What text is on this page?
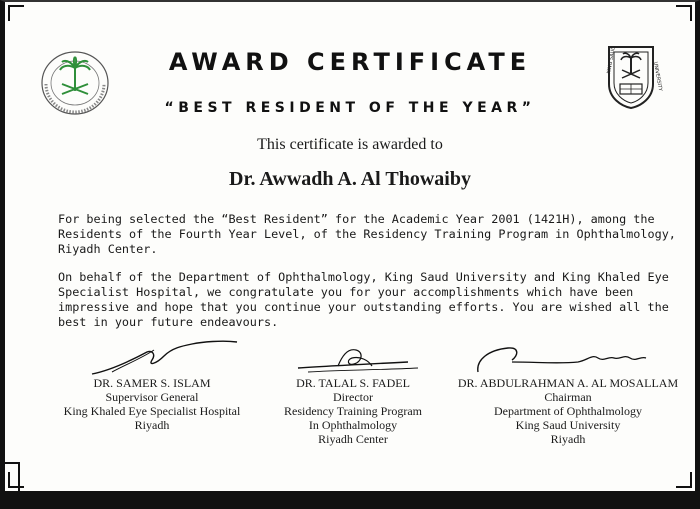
KING SAUD
UNIVERSITY
AWARD CERTIFICATE
“BEST RESIDENT OF THE YEAR”
This certificate is awarded to
Dr. Awwadh A. Al Thowaiby

For being selected the “Best Resident” for the Academic Year 2001 (1421H), among the Residents of the Fourth Year Level, of the Residency Training Program in Ophthalmology, Riyadh Center.

On behalf of the Department of Ophthalmology, King Saud University and King Khaled Eye Specialist Hospital, we congratulate you for your accomplishments which have been impressive and hope that you continue your outstanding efforts. You are wished all the best in your future endeavours.

DR. SAMER S. ISLAM
Supervisor General
King Khaled Eye Specialist Hospital
Riyadh
DR. TALAL S. FADEL
Director
Residency Training Program
In Ophthalmology
Riyadh Center
DR. ABDULRAHMAN A. AL MOSALLAM
Chairman
Department of Ophthalmology
King Saud University
Riyadh
